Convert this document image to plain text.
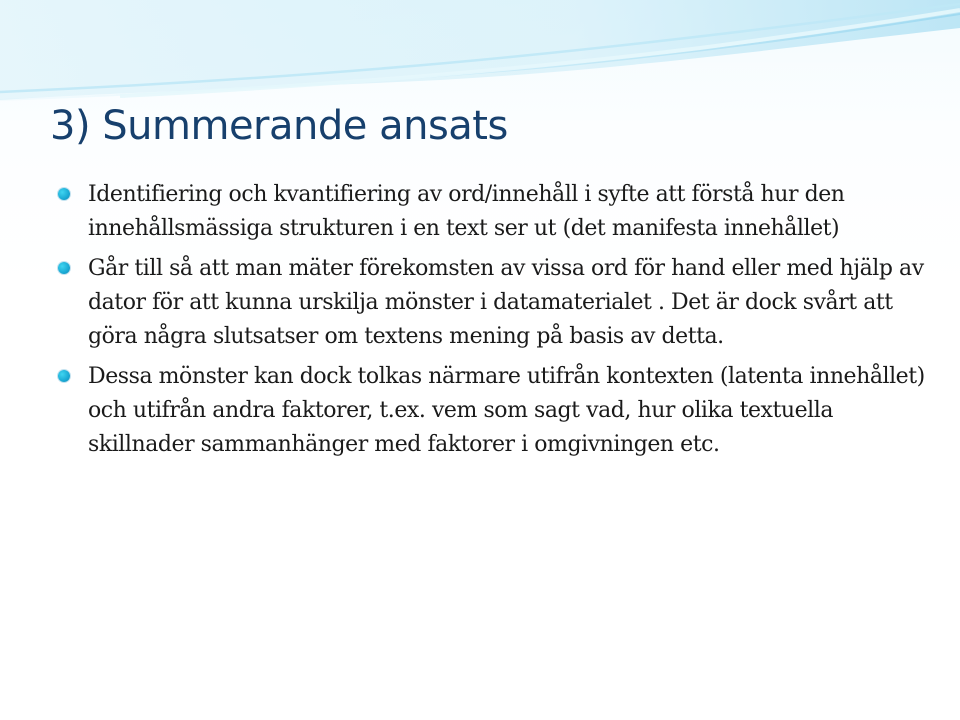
3) Summerande ansats
Identifiering och kvantifiering av ord/innehåll i syfte att förstå hur den innehållsmässiga strukturen i en text ser ut (det manifesta innehållet)
Går till så att man mäter förekomsten av vissa ord för hand eller med hjälp av dator för att kunna urskilja mönster i datamaterialet . Det är dock svårt att göra några slutsatser om textens mening på basis av detta.
Dessa mönster kan dock tolkas närmare utifrån kontexten (latenta innehållet) och utifrån andra faktorer, t.ex. vem som sagt vad, hur olika textuella skillnader sammanhänger med faktorer i omgivningen etc.
